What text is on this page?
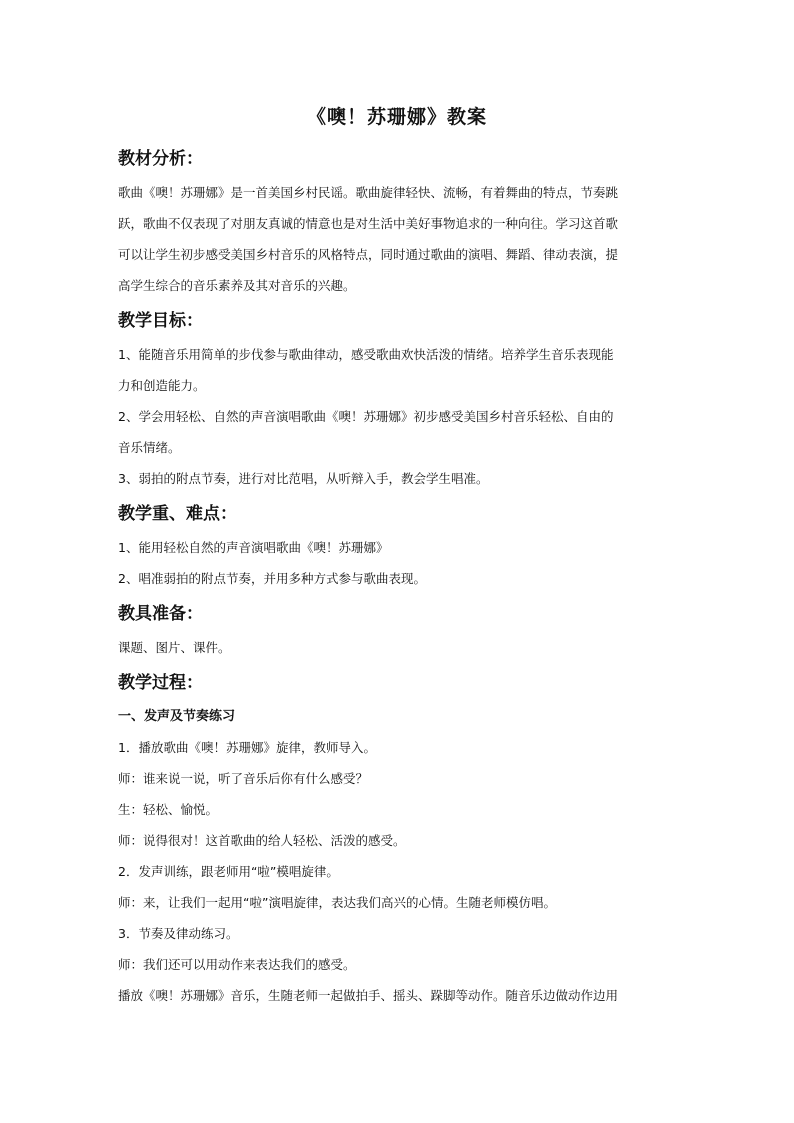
《噢！苏珊娜》教案
教材分析：

歌曲《噢！苏珊娜》是一首美国乡村民谣。歌曲旋律轻快、流畅，有着舞曲的特点，节奏跳

跃，歌曲不仅表现了对朋友真诚的情意也是对生活中美好事物追求的一种向往。学习这首歌

可以让学生初步感受美国乡村音乐的风格特点，同时通过歌曲的演唱、舞蹈、律动表演，提

高学生综合的音乐素养及其对音乐的兴趣。

教学目标：

1、能随音乐用简单的步伐参与歌曲律动，感受歌曲欢快活泼的情绪。培养学生音乐表现能

力和创造能力。

2、学会用轻松、自然的声音演唱歌曲《噢！苏珊娜》初步感受美国乡村音乐轻松、自由的

音乐情绪。

3、弱拍的附点节奏，进行对比范唱，从听辩入手，教会学生唱准。

教学重、难点：

1、能用轻松自然的声音演唱歌曲《噢！苏珊娜》

2、唱准弱拍的附点节奏，并用多种方式参与歌曲表现。

教具准备：

课题、图片、课件。

教学过程：
一、发声及节奏练习

1．播放歌曲《噢！苏珊娜》旋律，教师导入。

师：谁来说一说，听了音乐后你有什么感受？

生：轻松、愉悦。

师：说得很对！这首歌曲的给人轻松、活泼的感受。

2．发声训练，跟老师用“啦”模唱旋律。

师：来，让我们一起用“啦”演唱旋律，表达我们高兴的心情。生随老师模仿唱。

3．节奏及律动练习。

师：我们还可以用动作来表达我们的感受。

播放《噢！苏珊娜》音乐，生随老师一起做拍手、摇头、跺脚等动作。随音乐边做动作边用
